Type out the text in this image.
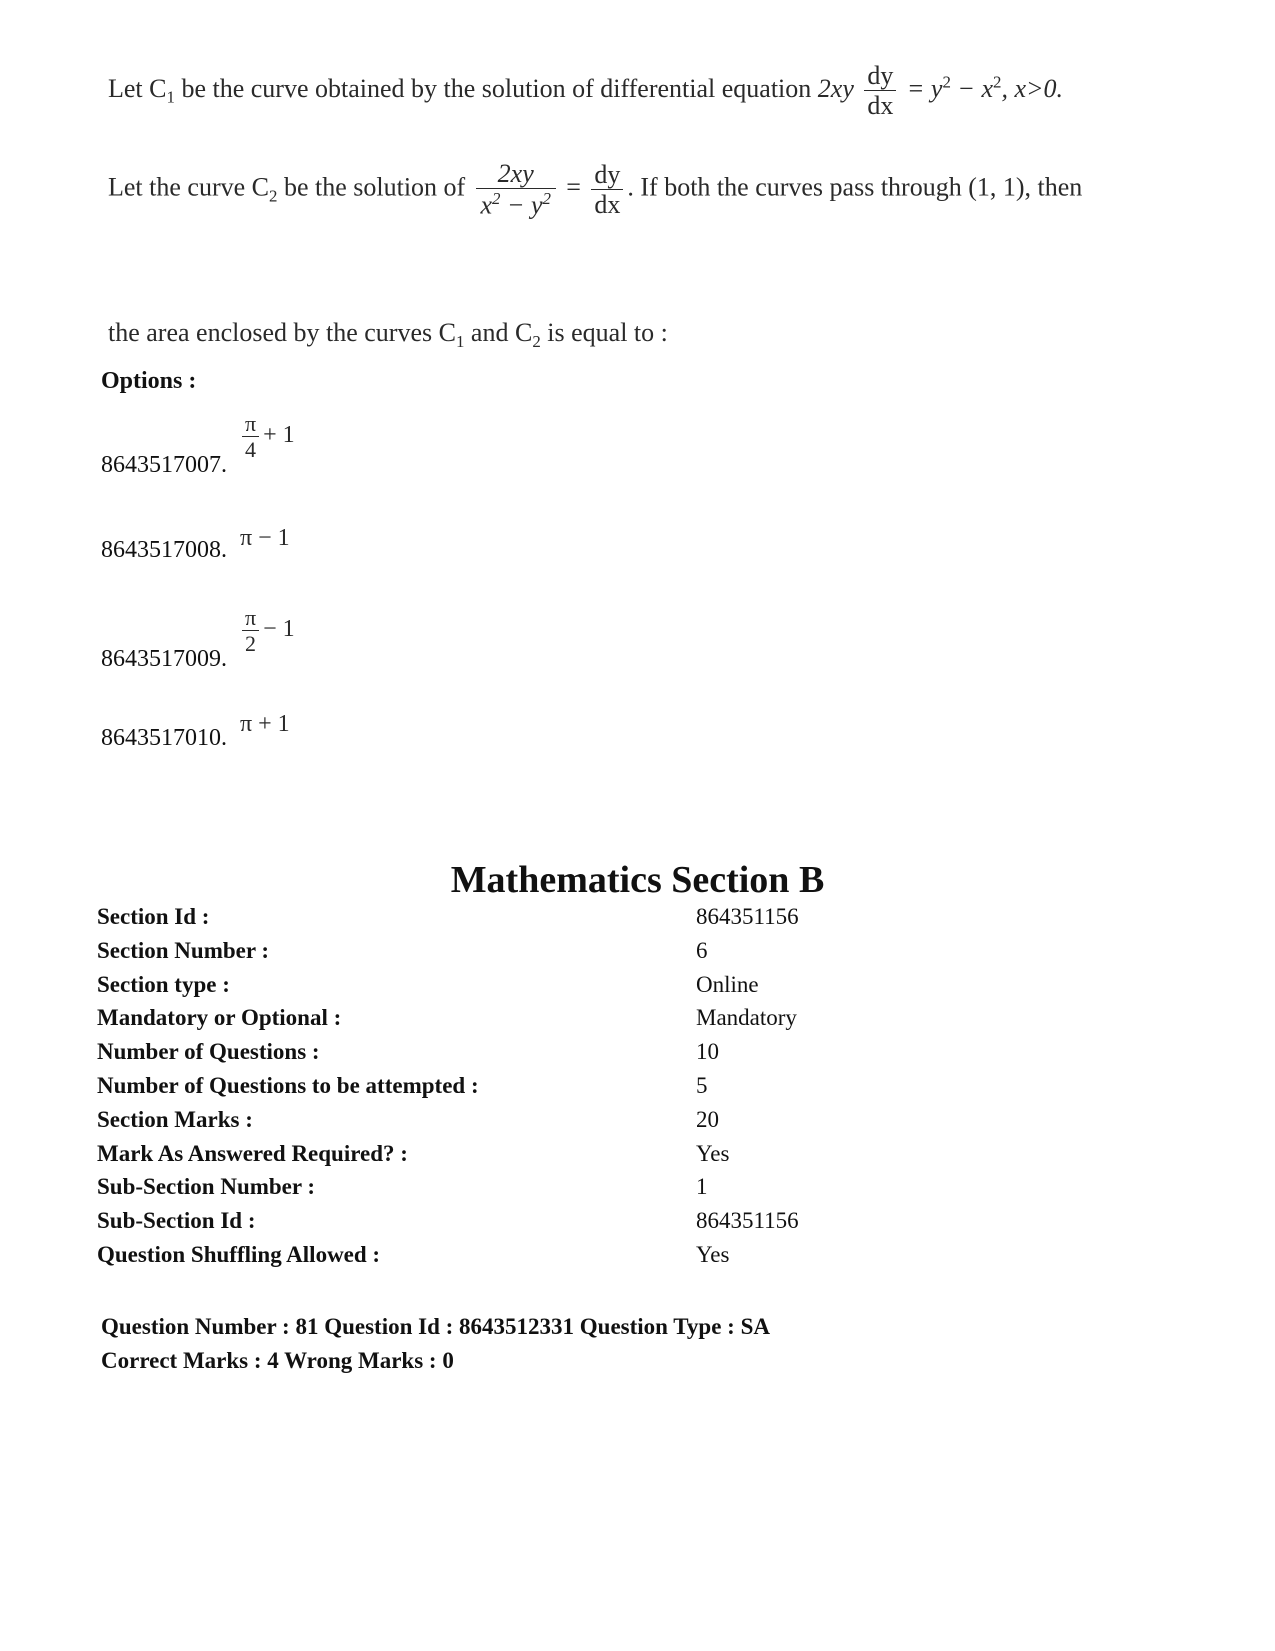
Let $C_1$ be the curve obtained by the solution of differential equation $2xy \frac{dy}{dx} = y^2 - x^2$, x>0.
Let the curve $C_2$ be the solution of $\frac{2xy}{x^2 - y^2} = \frac{dy}{dx}$ . If both the curves pass through (1, 1), then
the area enclosed by the curves $C_1$ and $C_2$ is equal to :
Options :
8643517007.
$\frac{\pi}{4} + 1$
8643517008. π − 1
8643517009.
$\frac{\pi}{2} - 1$
8643517010.
π + 1
Mathematics Section B
Section Id :	864351156
Section Number :	6
Section type :	Online
Mandatory or Optional :	Mandatory
Number of Questions :	10
Number of Questions to be attempted :	5
Section Marks :	20
Mark As Answered Required? :	Yes
Sub-Section Number :	1
Sub-Section Id :	864351156
Question Shuffling Allowed :	Yes
Question Number : 81 Question Id : 8643512331 Question Type : SA
Correct Marks : 4 Wrong Marks : 0
